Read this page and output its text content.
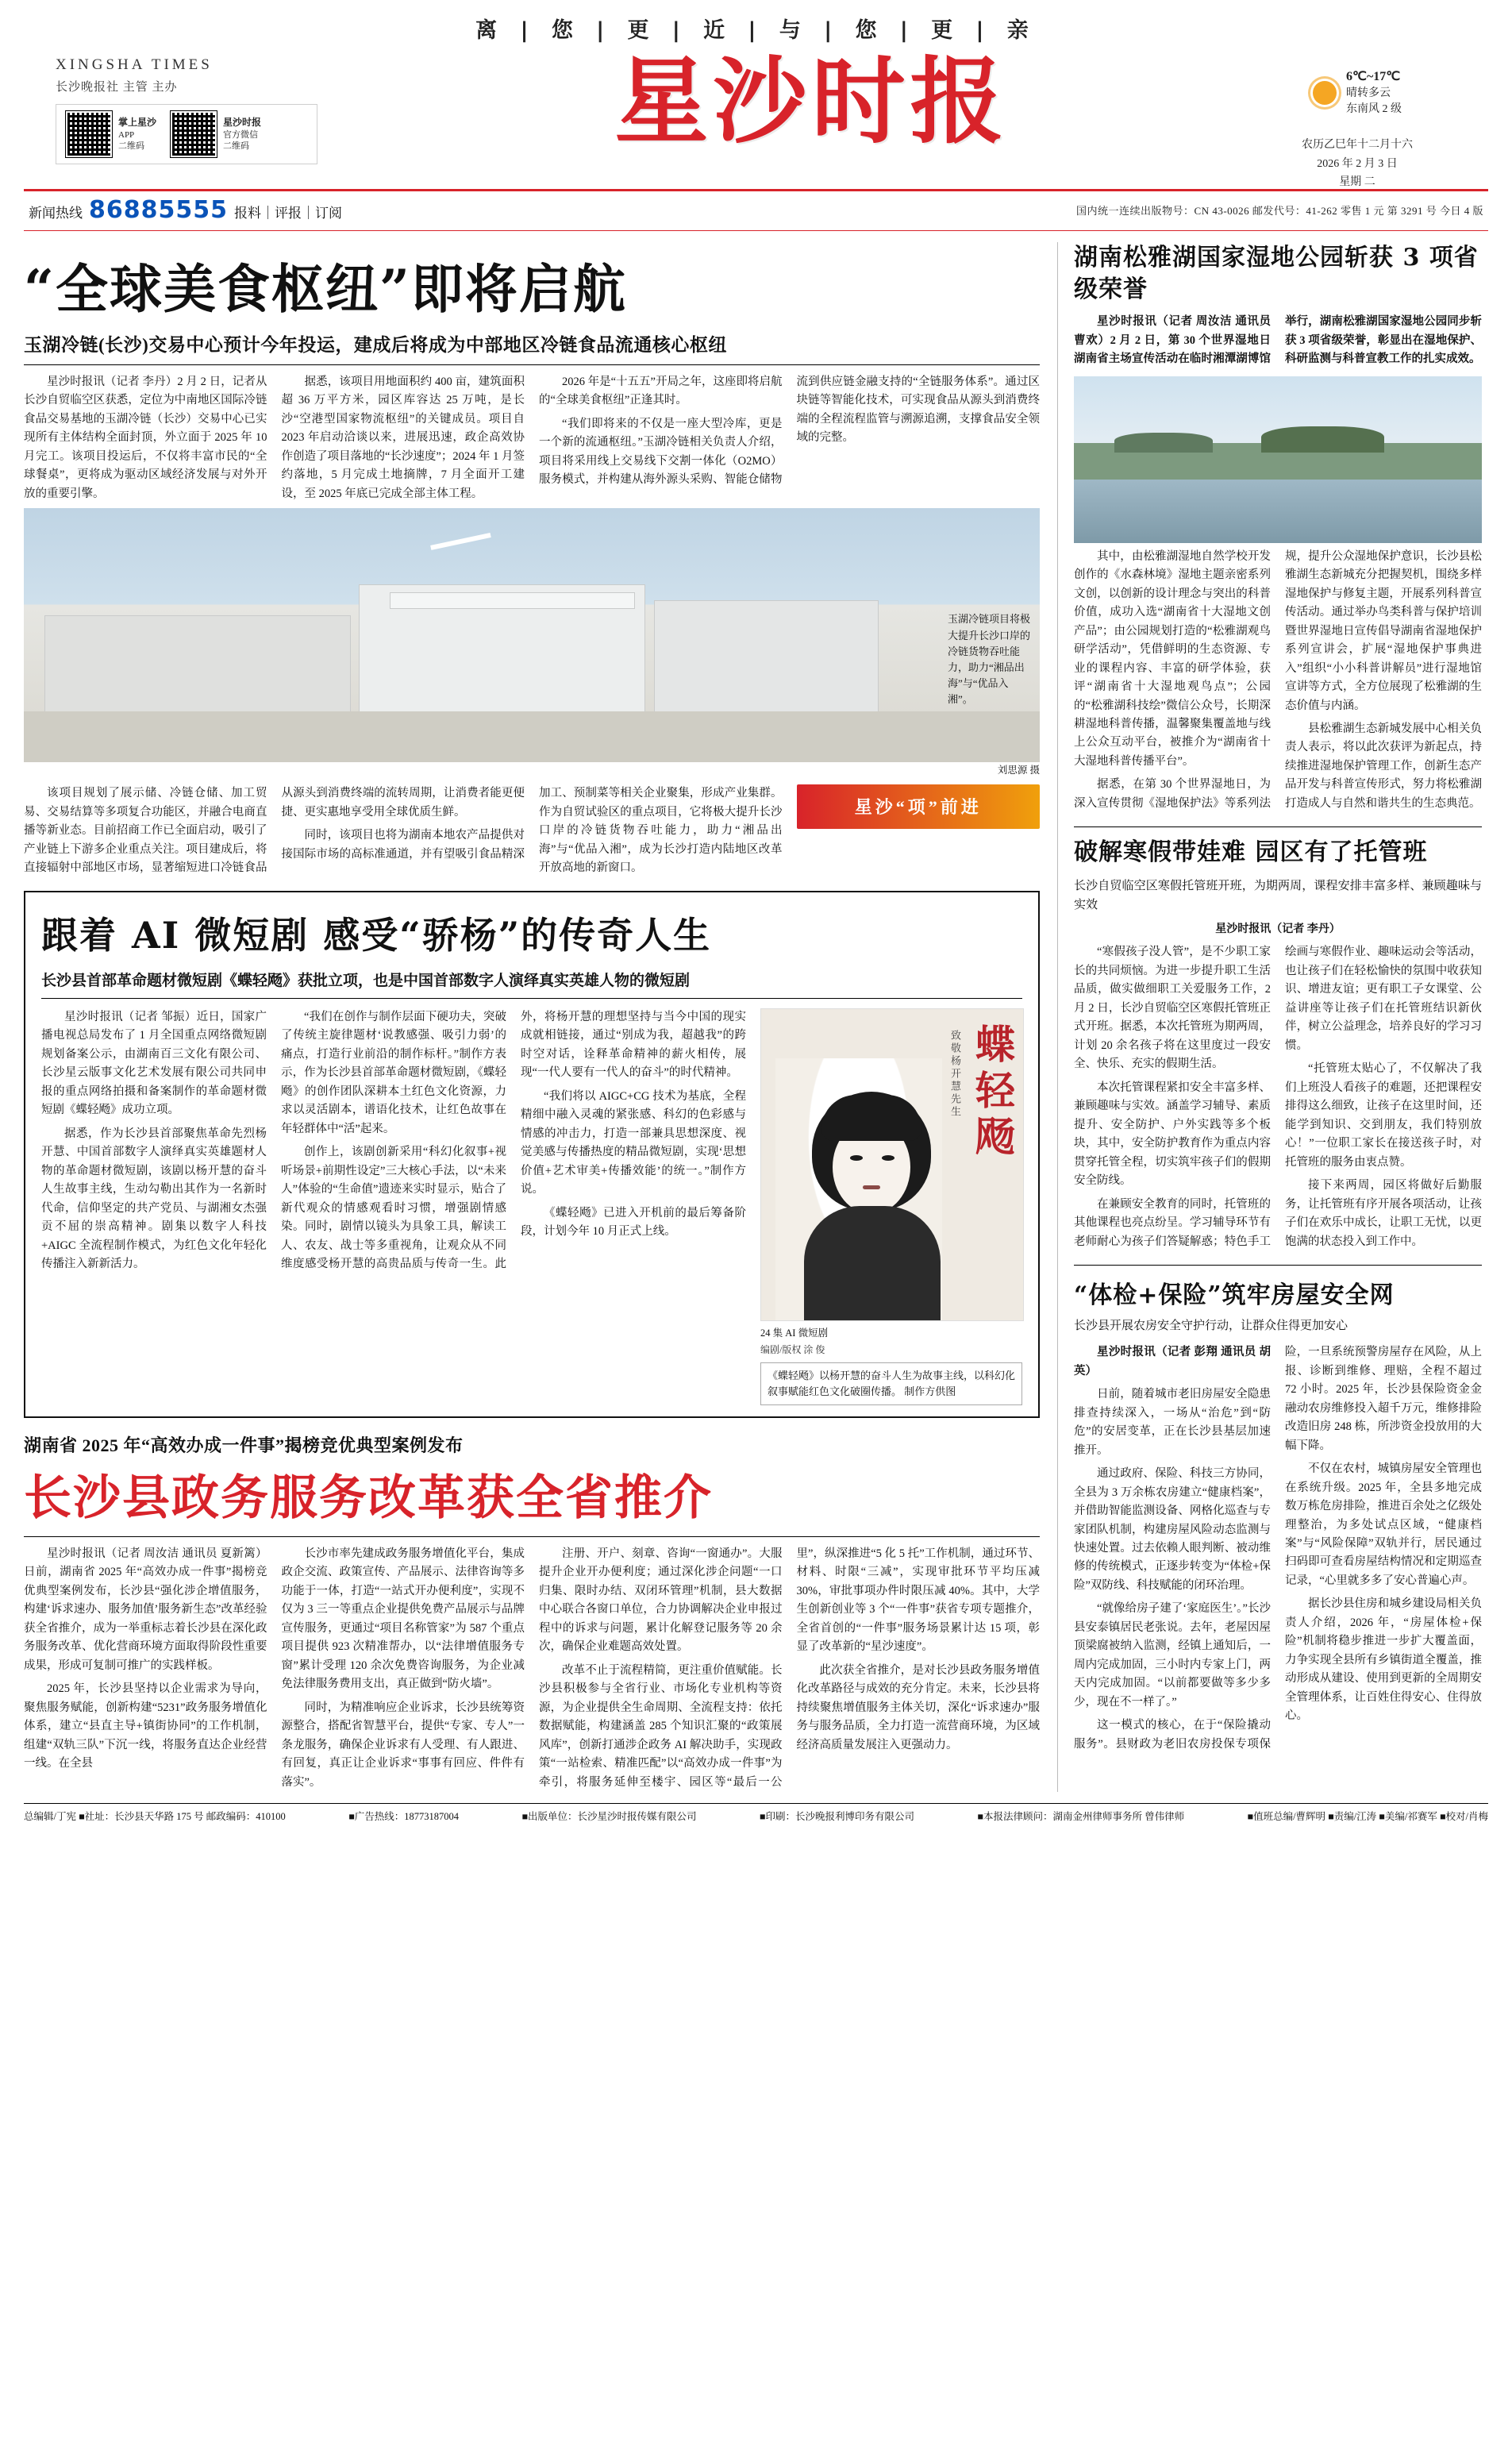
离 | 您 | 更 | 近 | 与 | 您 | 更 | 亲
XINGSHA TIMES
长沙晚报社 主管 主办
掌上星沙
APP
二维码
星沙时报
官方微信
二维码	星沙时报	6℃~17℃
晴转多云
东南风 2 级
农历乙巳年十二月十六
2026 年 2 月 3 日
星期 二
新闻热线 86885555 报料｜评报｜订阅	国内统一连续出版物号：CN 43-0026 邮发代号：41-262 零售 1 元 第 3291 号 今日 4 版
“全球美食枢纽”即将启航
玉湖冷链(长沙)交易中心预计今年投运，建成后将成为中部地区冷链食品流通核心枢纽

星沙时报讯（记者 李丹）2 月 2 日，记者从长沙自贸临空区获悉，定位为中南地区国际冷链食品交易基地的玉湖冷链（长沙）交易中心已实现所有主体结构全面封顶，外立面于 2025 年 10 月完工。该项目投运后，不仅将丰富市民的“全球餐桌”，更将成为驱动区域经济发展与对外开放的重要引擎。

据悉，该项目用地面积约 400 亩，建筑面积超 36 万平方米，园区库容达 25 万吨，是长沙“空港型国家物流枢纽”的关键成员。项目自 2023 年启动洽谈以来，进展迅速，政企高效协作创造了项目落地的“长沙速度”；2024 年 1 月签约落地，5 月完成土地摘牌，7 月全面开工建设，至 2025 年底已完成全部主体工程。

2026 年是“十五五”开局之年，这座即将启航的“全球美食枢纽”正逢其时。

“我们即将来的不仅是一座大型冷库，更是一个新的流通枢纽。”玉湖冷链相关负责人介绍，项目将采用线上交易线下交割一体化（O2MO）服务模式，并构建从海外源头采购、智能仓储物流到供应链金融支持的“全链服务体系”。通过区块链等智能化技术，可实现食品从源头到消费终端的全程流程监管与溯源追溯，支撑食品安全领域的完整。

玉湖冷链项目将极大提升长沙口岸的冷链货物吞吐能力，助力“湘品出海”与“优品入湘”。
刘思源 摄

该项目规划了展示储、冷链仓储、加工贸易、交易结算等多项复合功能区，并融合电商直播等新业态。目前招商工作已全面启动，吸引了产业链上下游多企业重点关注。项目建成后，将直接辐射中部地区市场，显著缩短进口冷链食品从源头到消费终端的流转周期，让消费者能更便捷、更实惠地享受用全球优质生鲜。

同时，该项目也将为湖南本地农产品提供对接国际市场的高标准通道，并有望吸引食品精深加工、预制菜等相关企业聚集，形成产业集群。作为自贸试验区的重点项目，它将极大提升长沙口岸的冷链货物吞吐能力，助力“湘品出海”与“优品入湘”，成为长沙打造内陆地区改革开放高地的新窗口。

星沙“项”前进
跟着 AI 微短剧 感受“骄杨”的传奇人生
长沙县首部革命题材微短剧《蝶轻飏》获批立项，也是中国首部数字人演绎真实英雄人物的微短剧

星沙时报讯（记者 邹振）近日，国家广播电视总局发布了 1 月全国重点网络微短剧规划备案公示，由湖南百三文化有限公司、长沙星云版事文化艺术发展有限公司共同申报的重点网络拍摄和备案制作的革命题材微短剧《蝶轻飏》成功立项。

据悉，作为长沙县首部聚焦革命先烈杨开慧、中国首部数字人演绎真实英雄题材人物的革命题材微短剧，该剧以杨开慧的奋斗人生故事主线，生动勾勒出其作为一名新时代命，信仰坚定的共产党员、与湖湘女杰强贡不屈的崇高精神。剧集以数字人科技+AIGC 全流程制作模式，为红色文化年轻化传播注入新新活力。

“我们在创作与制作层面下硬功夫，突破了传统主旋律题材‘说教感强、吸引力弱’的痛点，打造行业前沿的制作标杆。”制作方表示，作为长沙县首部革命题材微短剧，《蝶轻飏》的创作团队深耕本土红色文化资源，力求以灵活剧本，谱语化技术，让红色故事在年轻群体中“活”起来。

创作上，该剧创新采用“科幻化叙事+视听场景+前期性设定”三大核心手法，以“未来人”体验的“生命值”遗迹来实时显示，贴合了新代观众的情感观看时习惯，增强剧情感染。同时，剧情以镜头为具象工具，解读工人、农友、战士等多重视角，让观众从不同维度感受杨开慧的高贵品质与传奇一生。此外，将杨开慧的理想坚持与当今中国的现实成就相链接，通过“别成为我，超越我”的跨时空对话，诠释革命精神的薪火相传，展现“一代人要有一代人的奋斗”的时代精神。

“我们将以 AIGC+CG 技术为基底，全程精细中融入灵魂的紧张感、科幻的色彩感与情感的冲击力，打造一部兼具思想深度、视觉美感与传播热度的精品微短剧，实现‘思想价值+艺术审美+传播效能’的统一。”制作方说。

《蝶轻飏》已进入开机前的最后筹备阶段，计划今年 10 月正式上线。

蝶轻飏
致敬杨开慧先生
24 集 AI 微短剧
编剧/版权 涂 俊
《蝶轻飏》以杨开慧的奋斗人生为故事主线，以科幻化叙事赋能红色文化破圈传播。 制作方供图
湖南省 2025 年“高效办成一件事”揭榜竞优典型案例发布
长沙县政务服务改革获全省推介

星沙时报讯（记者 周汝洁 通讯员 夏新篱）日前，湖南省 2025 年“高效办成一件事”揭榜竞优典型案例发布，长沙县“强化涉企增值服务，构建‘诉求速办、服务加值’服务新生态”改革经验获全省推介，成为一举重标志着长沙县在深化政务服务改革、优化营商环境方面取得阶段性重要成果，形成可复制可推广的实践样板。

2025 年，长沙县坚持以企业需求为导向，聚焦服务赋能，创新构建“5231”政务服务增值化体系，建立“县直主导+镇街协同”的工作机制，组建“双轨三队”下沉一线，将服务直达企业经营一线。在全县

长沙市率先建成政务服务增值化平台，集成政企交流、政策宣传、产品展示、法律咨询等多功能于一体，打造“一站式开办便利度”，实现不仅为 3 三一等重点企业提供免费产品展示与品牌宣传服务，更通过“项目名称管家”为 587 个重点项目提供 923 次精准帮办，以“法律增值服务专窗”累计受理 120 余次免费咨询服务，为企业减免法律服务费用支出，真正做到“防火墙”。

同时，为精准响应企业诉求，长沙县统筹资源整合，搭配省智慧平台，提供“专家、专人”一条龙服务，确保企业诉求有人受理、有人跟进、有回复，真正让企业诉求“事事有回应、件件有落实”。

注册、开户、刻章、咨询“一窗通办”。大服提升企业开办便利度；通过深化涉企问题“一口归集、限时办结、双闭环管理”机制，县大数据中心联合各窗口单位，合力协调解决企业申报过程中的诉求与问题，累计化解登记服务等 20 余次，确保企业难题高效处置。

改革不止于流程精简，更注重价值赋能。长沙县积极参与全省行业、市场化专业机构等资源，为企业提供全生命周期、全流程支持：依托数据赋能，构建涵盖 285 个知识汇聚的“政策展风库”，创新打通涉企政务 AI 解决助手，实现政策“一站检索、精准匹配”以“高效办成一件事”为牵引，将服务延伸至楼宇、园区等“最后一公里”，纵深推进“5 化 5 托”工作机制，通过环节、材料、时限“三减”，实现审批环节平均压减 30%，审批事项办件时限压减 40%。其中，大学生创新创业等 3 个“一件事”获省专项专题推介，全省首创的“一件事”服务场景累计达 15 项，彰显了改革新的“星沙速度”。

此次获全省推介，是对长沙县政务服务增值化改革路径与成效的充分肯定。未来，长沙县将持续聚焦增值服务主体关切，深化“诉求速办”服务与服务品质，全力打造一流营商环境，为区域经济高质量发展注入更强动力。

湖南松雅湖国家湿地公园斩获 3 项省级荣誉

星沙时报讯（记者 周汝洁 通讯员 曹欢）2 月 2 日，第 30 个世界湿地日湖南省主场宣传活动在临时湘潭湖博馆举行，湖南松雅湖国家湿地公园同步斩获 3 项省级荣誉，彰显出在湿地保护、科研监测与科普宣教工作的扎实成效。

其中，由松雅湖湿地自然学校开发创作的《水森林境》湿地主题亲密系列文创，以创新的设计理念与突出的科普价值，成功入选“湖南省十大湿地文创产品”；由公园规划打造的“松雅湖观鸟研学活动”，凭借鲜明的生态资源、专业的课程内容、丰富的研学体验，获评“湖南省十大湿地观鸟点”；公园的“松雅湖科技绘”微信公众号，长期深耕湿地科普传播，温馨聚集覆盖地与线上公众互动平台，被推介为“湖南省十大湿地科普传播平台”。

据悉，在第 30 个世界湿地日，为深入宣传贯彻《湿地保护法》等系列法规，提升公众湿地保护意识，长沙县松雅湖生态新城充分把握契机，围绕多样湿地保护与修复主题，开展系列科普宣传活动。通过举办鸟类科普与保护培训暨世界湿地日宣传倡导湖南省湿地保护系列宣讲会，扩展“湿地保护事典进入”组织“小小科普讲解员”进行湿地馆宣讲等方式，全方位展现了松雅湖的生态价值与内涵。

县松雅湖生态新城发展中心相关负责人表示，将以此次获评为新起点，持续推进湿地保护管理工作，创新生态产品开发与科普宣传形式，努力将松雅湖打造成人与自然和谐共生的生态典范。

破解寒假带娃难 园区有了托管班
长沙自贸临空区寒假托管班开班，为期两周，课程安排丰富多样、兼顾趣味与实效
星沙时报讯（记者 李丹）

“寒假孩子没人管”，是不少职工家长的共同烦恼。为进一步提升职工生活品质，做实做细职工关爱服务工作，2 月 2 日，长沙自贸临空区寒假托管班正式开班。据悉，本次托管班为期两周，计划 20 余名孩子将在这里度过一段安全、快乐、充实的假期生活。

本次托管课程紧扣安全丰富多样、兼顾趣味与实效。涵盖学习辅导、素质提升、安全防护、户外实践等多个板块，其中，安全防护教育作为重点内容贯穿托管全程，切实筑牢孩子们的假期安全防线。

在兼顾安全教育的同时，托管班的其他课程也亮点纷呈。学习辅导环节有老师耐心为孩子们答疑解惑；特色手工绘画与寒假作业、趣味运动会等活动，也让孩子们在轻松愉快的氛围中收获知识、增进友谊；更有职工子女课堂、公益讲座等让孩子们在托管班结识新伙伴，树立公益理念，培养良好的学习习惯。

“托管班太贴心了，不仅解决了我们上班没人看孩子的难题，还把课程安排得这么细致，让孩子在这里时间，还能学到知识、交到朋友，我们特别放心！”一位职工家长在接送孩子时，对托管班的服务由衷点赞。

接下来两周，园区将做好后勤服务，让托管班有序开展各项活动，让孩子们在欢乐中成长，让职工无忧，以更饱满的状态投入到工作中。

“体检+保险”筑牢房屋安全网
长沙县开展农房安全守护行动，让群众住得更加安心

星沙时报讯（记者 彭翔 通讯员 胡英）

日前，随着城市老旧房屋安全隐患排查持续深入，一场从“治危”到“防危”的安居变革，正在长沙县基层加速推开。

通过政府、保险、科技三方协同，全县为 3 万余栋农房建立“健康档案”，并借助智能监测设备、网格化巡查与专家团队机制，构建房屋风险动态监测与快速处置。过去依赖人眼判断、被动维修的传统模式，正逐步转变为“体检+保险”双防线、科技赋能的闭环治理。

“就像给房子建了‘家庭医生’。”长沙县安泰镇居民老张说。去年，老屋因屋顶梁腐被纳入监测，经镇上通知后，一周内完成加固，三小时内专家上门，两天内完成加固。“以前都要做等多少多少，现在不一样了。”

这一模式的核心，在于“保险撬动服务”。县财政为老旧农房投保专项保险，一旦系统预警房屋存在风险，从上报、诊断到维修、理赔，全程不超过 72 小时。2025 年，长沙县保险资金金融动农房维修投入超千万元，维修排险改造旧房 248 栋，所涉资金投放用的大幅下降。

不仅在农村，城镇房屋安全管理也在系统升级。2025 年，全县多地完成数万栋危房排险，推进百余处之亿级处理整治，为多处试点区域，“健康档案”与“风险保障”双轨并行，居民通过扫码即可查看房屋结构情况和定期巡查记录，“心里就多多了安心普遍心声。

据长沙县住房和城乡建设局相关负责人介绍，2026 年，“房屋体检+保险”机制将稳步推进一步扩大覆盖面，力争实现全县所有乡镇街道全覆盖，推动形成从建设、使用到更新的全周期安全管理体系，让百姓住得安心、住得放心。

总编辑/丁宪 ■社址：长沙县天华路 175 号 邮政编码：410100	■广告热线：18773187004	■出版单位：长沙星沙时报传媒有限公司	■印刷：长沙晚报利博印务有限公司	■本报法律顾问：湖南金州律师事务所 曾伟律师	■值班总编/曹辉明 ■责编/江涛 ■美编/祁赛军 ■校对/肖梅
